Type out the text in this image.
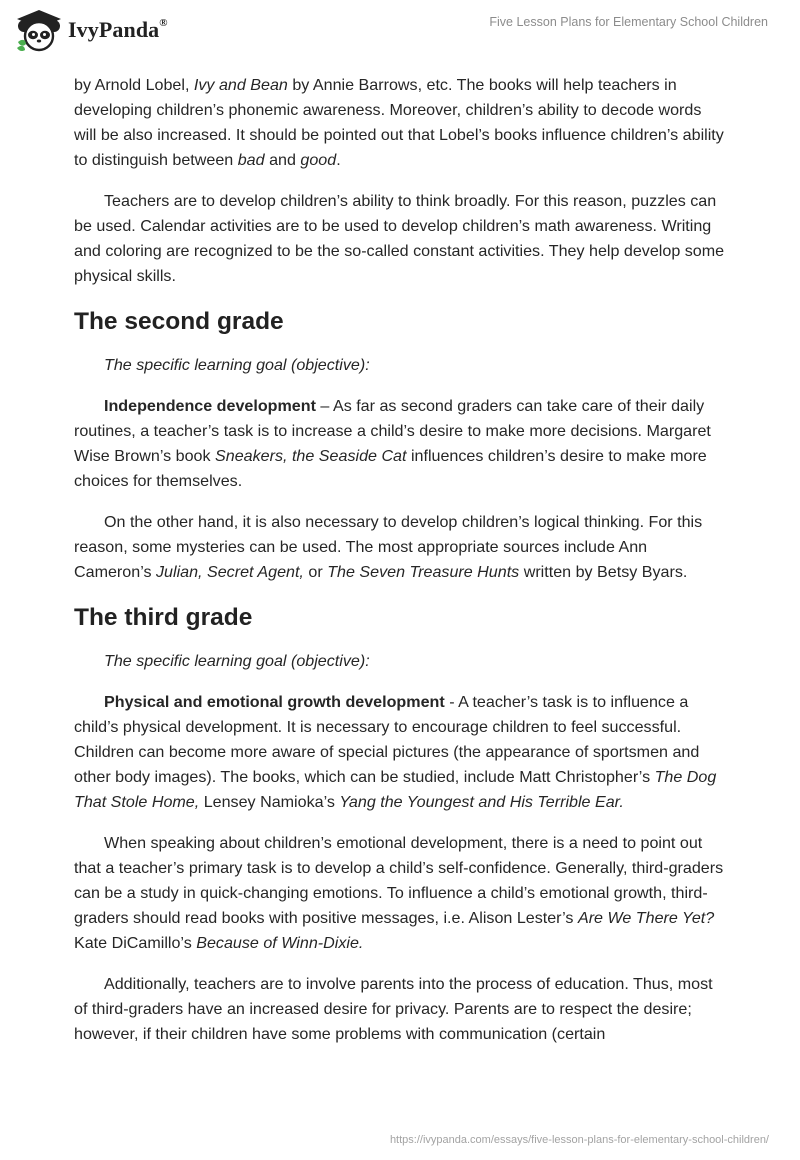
IvyPanda®	Five Lesson Plans for Elementary School Children

by Arnold Lobel, Ivy and Bean by Annie Barrows, etc. The books will help teachers in developing children’s phonemic awareness. Moreover, children’s ability to decode words will be also increased. It should be pointed out that Lobel’s books influence children’s ability to distinguish between bad and good.

Teachers are to develop children’s ability to think broadly. For this reason, puzzles can be used. Calendar activities are to be used to develop children’s math awareness. Writing and coloring are recognized to be the so-called constant activities. They help develop some physical skills.

The second grade

The specific learning goal (objective):

Independence development – As far as second graders can take care of their daily routines, a teacher’s task is to increase a child’s desire to make more decisions. Margaret Wise Brown’s book Sneakers, the Seaside Cat influences children’s desire to make more choices for themselves.

On the other hand, it is also necessary to develop children’s logical thinking. For this reason, some mysteries can be used. The most appropriate sources include Ann Cameron’s Julian, Secret Agent, or The Seven Treasure Hunts written by Betsy Byars.

The third grade

The specific learning goal (objective):

Physical and emotional growth development - A teacher’s task is to influence a child’s physical development. It is necessary to encourage children to feel successful. Children can become more aware of special pictures (the appearance of sportsmen and other body images). The books, which can be studied, include Matt Christopher’s The Dog That Stole Home, Lensey Namioka’s Yang the Youngest and His Terrible Ear.

When speaking about children’s emotional development, there is a need to point out that a teacher’s primary task is to develop a child’s self-confidence. Generally, third-graders can be a study in quick-changing emotions. To influence a child’s emotional growth, third-graders should read books with positive messages, i.e. Alison Lester’s Are We There Yet? Kate DiCamillo’s Because of Winn-Dixie.

Additionally, teachers are to involve parents into the process of education. Thus, most of third-graders have an increased desire for privacy. Parents are to respect the desire; however, if their children have some problems with communication (certain

https://ivypanda.com/essays/five-lesson-plans-for-elementary-school-children/
